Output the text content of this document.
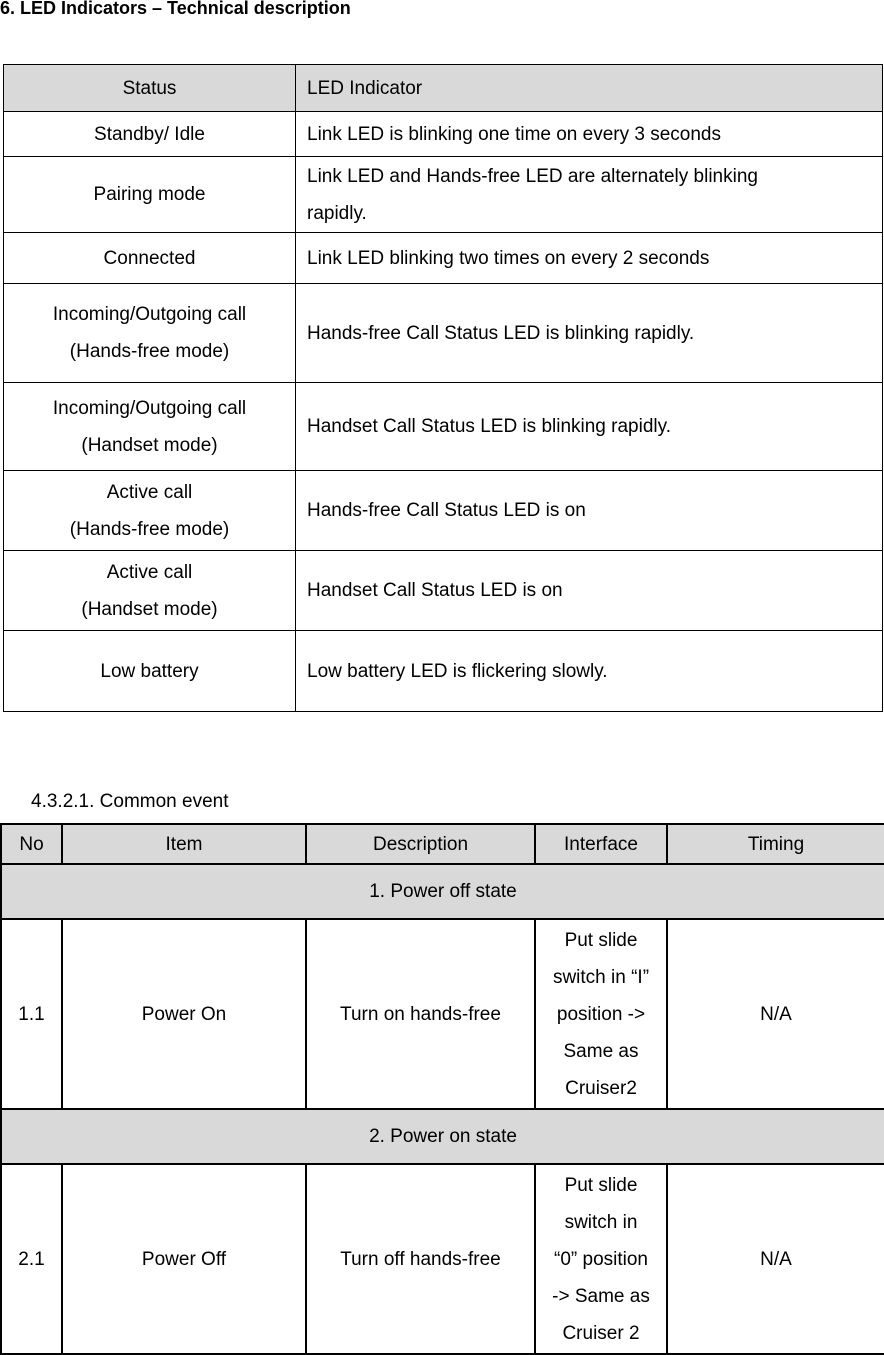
6. LED Indicators – Technical description
Status	LED Indicator

Standby/ Idle	Link LED is blinking one time on every 3 seconds

Pairing mode	Link LED and Hands-free LED are alternately blinking
rapidly.

Connected	Link LED blinking two times on every 2 seconds

Incoming/Outgoing call
(Hands-free mode)	Hands-free Call Status LED is blinking rapidly.

Incoming/Outgoing call
(Handset mode)	Handset Call Status LED is blinking rapidly.

Active call
(Hands-free mode)	Hands-free Call Status LED is on

Active call
(Handset mode)	Handset Call Status LED is on

Low battery	Low battery LED is flickering slowly.
4.3.2.1. Common event
No	Item	Description	Interface	Timing
1. Power off state				
1.1	Power On	Turn on hands-free	Put slide
switch in “I”
position ->
Same as
Cruiser2	N/A
2. Power on state				
2.1	Power Off	Turn off hands-free	Put slide
switch in
“0” position
-> Same as
Cruiser 2	N/A
